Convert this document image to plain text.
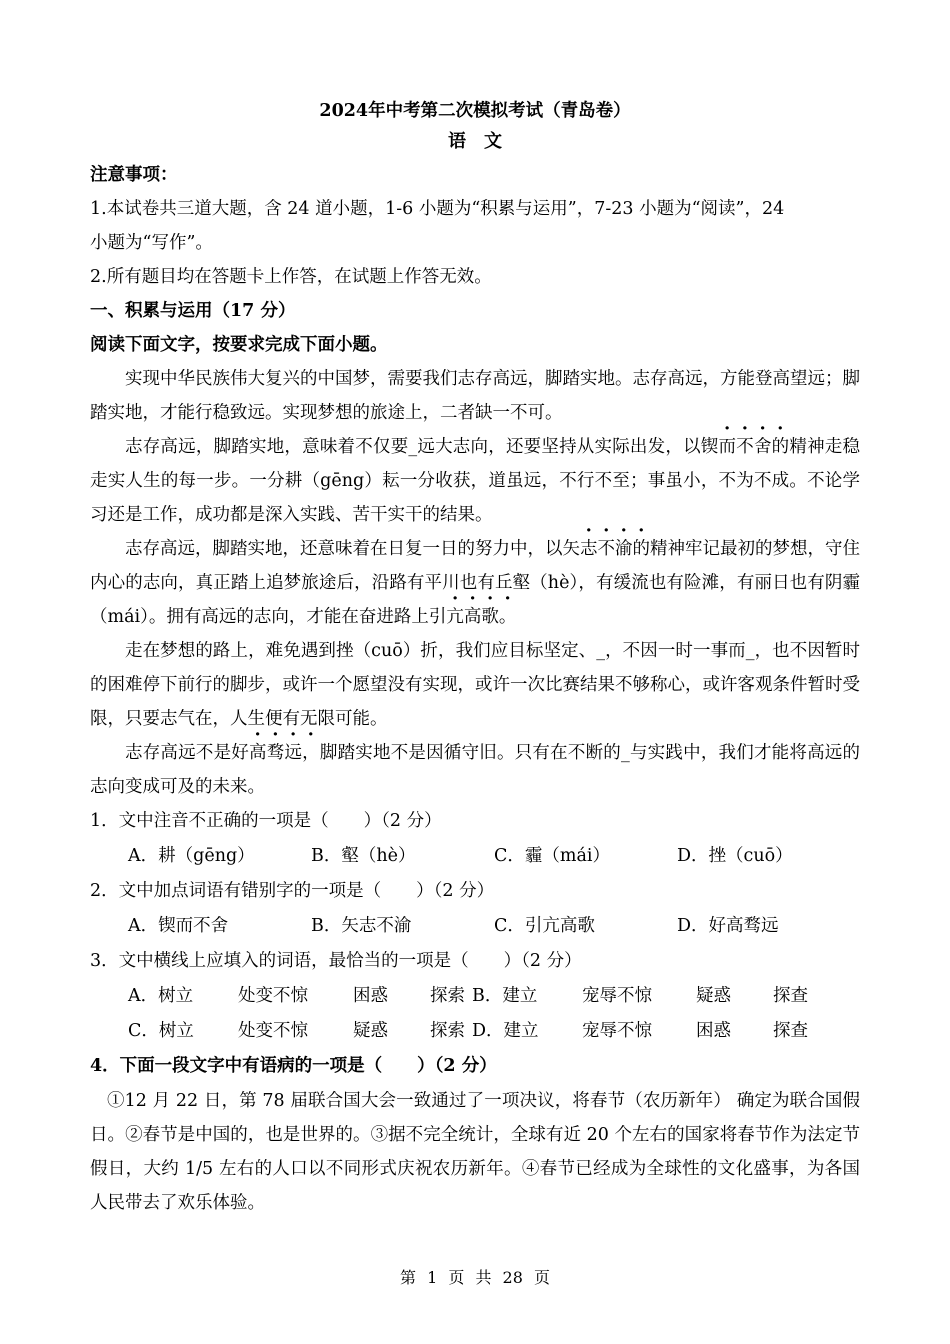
2024年中考第二次模拟考试（青岛卷）
语文
注意事项：
1.本试卷共三道大题，含 24 道小题，1-6 小题为“积累与运用”，7-23 小题为“阅读”，24
小题为“写作”。
2.所有题目均在答题卡上作答，在试题上作答无效。
一、积累与运用（17 分）
阅读下面文字，按要求完成下面小题。

实现中华民族伟大复兴的中国梦，需要我们志存高远，脚踏实地。志存高远，方能登高望远；脚踏实地，才能行稳致远。实现梦想的旅途上，二者缺一不可。

志存高远，脚踏实地，意味着不仅要_远大志向，还要坚持从实际出发，以锲而不舍的精神走稳走实人生的每一步。一分耕（gēng）耘一分收获，道虽远，不行不至；事虽小，不为不成。不论学习还是工作，成功都是深入实践、苦干实干的结果。

志存高远，脚踏实地，还意味着在日复一日的努力中，以矢志不渝的精神牢记最初的梦想，守住内心的志向，真正踏上追梦旅途后，沿路有平川也有丘壑（hè），有缓流也有险滩，有丽日也有阴霾（mái）。拥有高远的志向，才能在奋进路上引亢高歌。

走在梦想的路上，难免遇到挫（cuō）折，我们应目标坚定、_，不因一时一事而_，也不因暂时的困难停下前行的脚步，或许一个愿望没有实现，或许一次比赛结果不够称心，或许客观条件暂时受限，只要志气在，人生便有无限可能。

志存高远不是好高骛远，脚踏实地不是因循守旧。只有在不断的_与实践中，我们才能将高远的志向变成可及的未来。

1．文中注音不正确的一项是（　　）（2 分）
A．耕（gēng）	B．壑（hè）	C．霾（mái）	D．挫（cuō）
2．文中加点词语有错别字的一项是（　　）（2 分）
A．锲而不舍	B．矢志不渝	C．引亢高歌	D．好高骛远
3．文中横线上应填入的词语，最恰当的一项是（　　）（2 分）
A．树立	处变不惊	困惑	探索 B．建立	宠辱不惊	疑惑	探查
C．树立	处变不惊	疑惑	探索 D．建立	宠辱不惊	困惑	探查
4．下面一段文字中有语病的一项是（　　）（2 分）

①12 月 22 日，第 78 届联合国大会一致通过了一项决议，将春节（农历新年） 确定为联合国假日。②春节是中国的，也是世界的。③据不完全统计，全球有近 20 个左右的国家将春节作为法定节假日，大约 1/5 左右的人口以不同形式庆祝农历新年。④春节已经成为全球性的文化盛事，为各国人民带去了欢乐体验。

第 1 页 共 28 页
